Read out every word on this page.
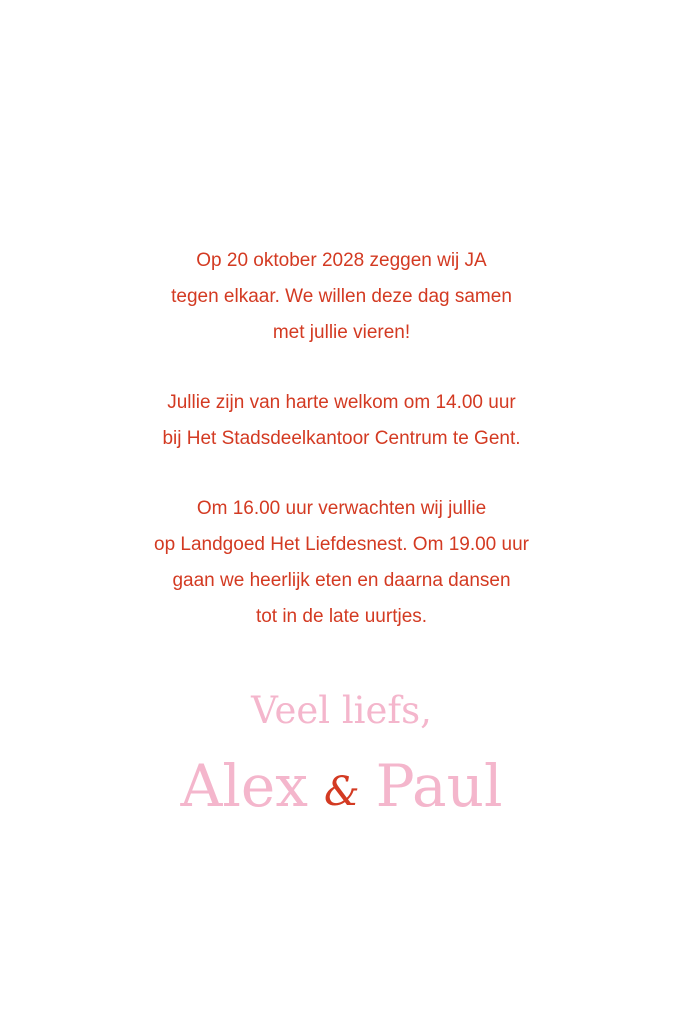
Op 20 oktober 2028 zeggen wij JA
tegen elkaar. We willen deze dag samen
met jullie vieren!
Jullie zijn van harte welkom om 14.00 uur
bij Het Stadsdeelkantoor Centrum te Gent.
Om 16.00 uur verwachten wij jullie
op Landgoed Het Liefdesnest. Om 19.00 uur
gaan we heerlijk eten en daarna dansen
tot in de late uurtjes.
Veel liefs,
Alex & Paul
